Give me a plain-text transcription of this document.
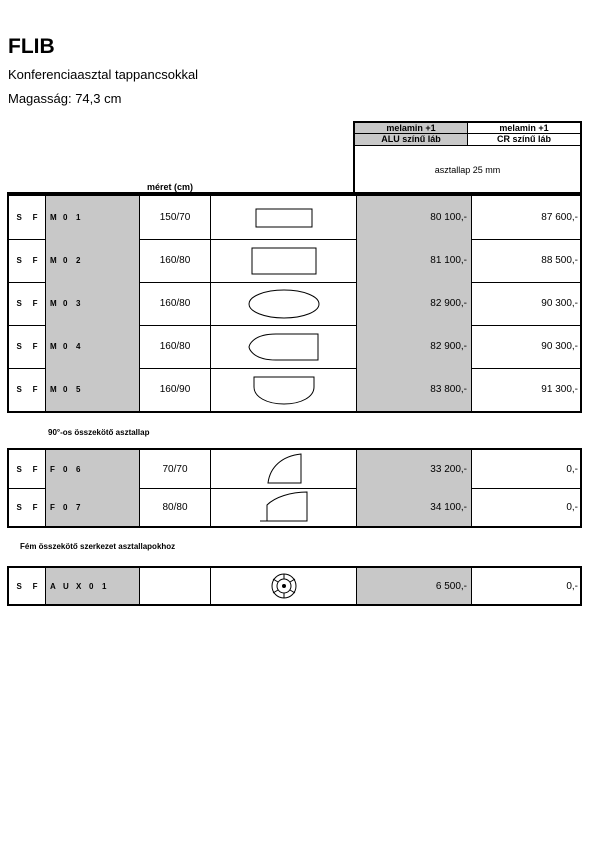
FLIB
Konferenciaasztal tappancsokkal
Magasság: 74,3 cm
melamin +1
ALU színű láb
melamin +1
CR színű láb
asztallap 25 mm
méret (cm)
S F M 0	1	150/70	80 100,-	87 600,-
S F M 0	2	160/80	81 100,-	88 500,-
S F M 0	3	160/80	82 900,-	90 300,-
S F M 0	4	160/80	82 900,-	90 300,-
S F M 0	5	160/90	83 800,-	91 300,-
90°-os összekötő asztallap
S F F	0	6	70/70	33 200,-	0,-
S F F	0	7	80/80	34 100,-	0,-
Fém összekötő szerkezet asztallapokhoz
S F A U X 0	1	6 500,-	0,-
